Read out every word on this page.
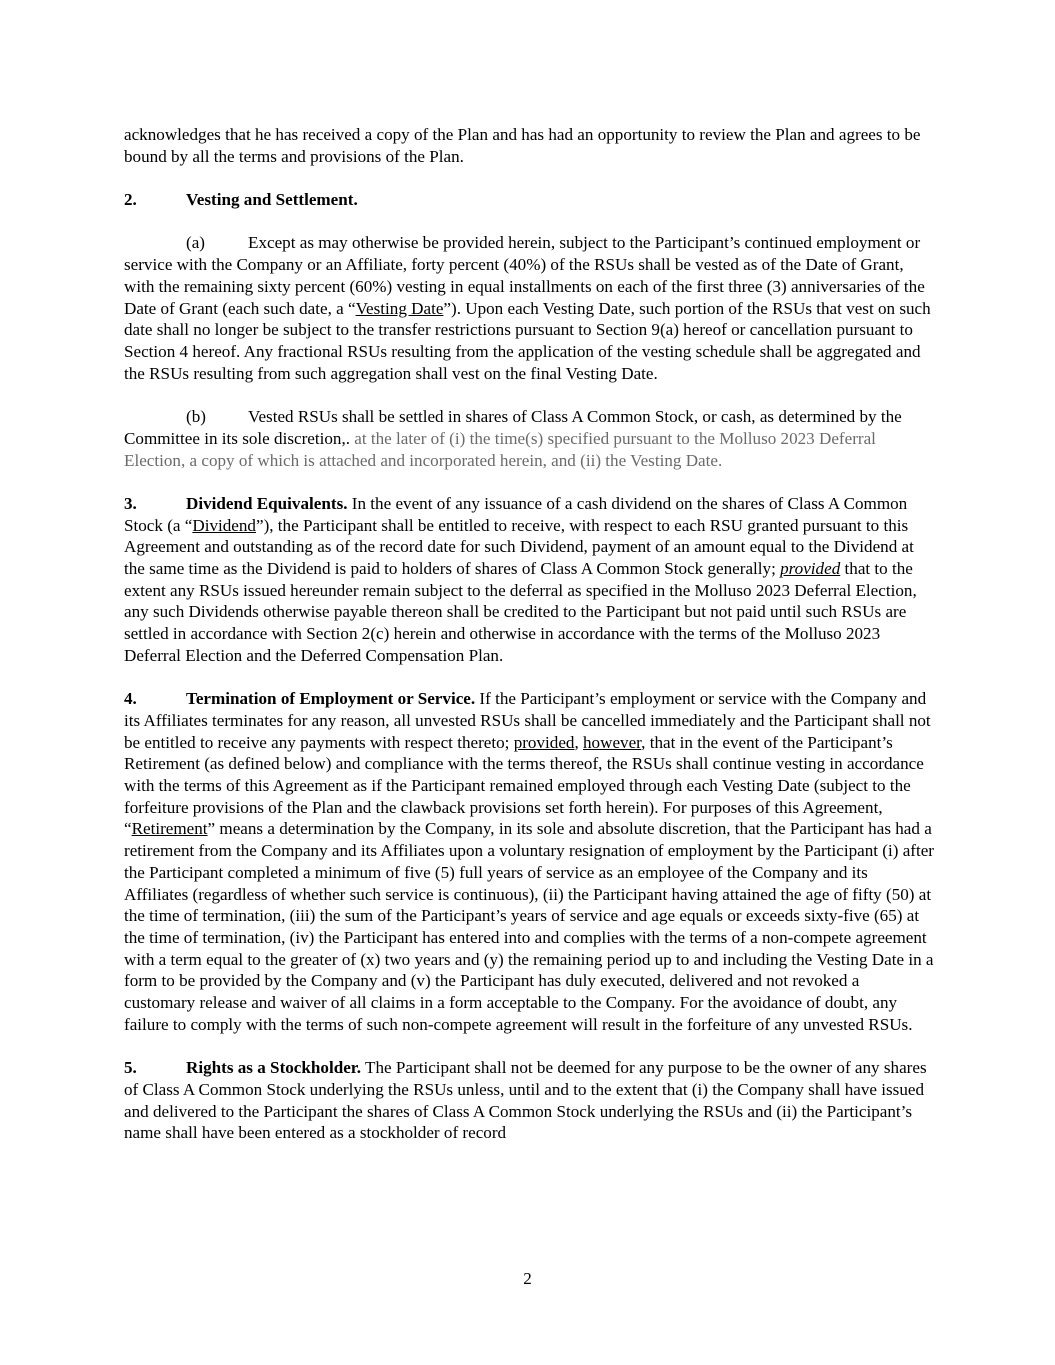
acknowledges that he has received a copy of the Plan and has had an opportunity to review the Plan and agrees to be bound by all the terms and provisions of the Plan.

2.	Vesting and Settlement.

(a)	Except as may otherwise be provided herein, subject to the Participant’s continued employment or service with the Company or an Affiliate, forty percent (40%) of the RSUs shall be vested as of the Date of Grant, with the remaining sixty percent (60%) vesting in equal installments on each of the first three (3) anniversaries of the Date of Grant (each such date, a “Vesting Date”). Upon each Vesting Date, such portion of the RSUs that vest on such date shall no longer be subject to the transfer restrictions pursuant to Section 9(a) hereof or cancellation pursuant to Section 4 hereof. Any fractional RSUs resulting from the application of the vesting schedule shall be aggregated and the RSUs resulting from such aggregation shall vest on the final Vesting Date.

(b) Vested RSUs shall be settled in shares of Class A Common Stock, or cash, as determined by the Committee in its sole discretion,. at the later of (i) the time(s) specified pursuant to the Molluso 2023 Deferral Election, a copy of which is attached and incorporated herein, and (ii) the Vesting Date.

3.	Dividend Equivalents. In the event of any issuance of a cash dividend on the shares of Class A Common Stock (a “Dividend”), the Participant shall be entitled to receive, with respect to each RSU granted pursuant to this Agreement and outstanding as of the record date for such Dividend, payment of an amount equal to the Dividend at the same time as the Dividend is paid to holders of shares of Class A Common Stock generally; provided that to the extent any RSUs issued hereunder remain subject to the deferral as specified in the Molluso 2023 Deferral Election, any such Dividends otherwise payable thereon shall be credited to the Participant but not paid until such RSUs are settled in accordance with Section 2(c) herein and otherwise in accordance with the terms of the Molluso 2023 Deferral Election and the Deferred Compensation Plan.

4.	Termination of Employment or Service. If the Participant’s employment or service with the Company and its Affiliates terminates for any reason, all unvested RSUs shall be cancelled immediately and the Participant shall not be entitled to receive any payments with respect thereto; provided, however, that in the event of the Participant’s Retirement (as defined below) and compliance with the terms thereof, the RSUs shall continue vesting in accordance with the terms of this Agreement as if the Participant remained employed through each Vesting Date (subject to the forfeiture provisions of the Plan and the clawback provisions set forth herein). For purposes of this Agreement, “Retirement” means a determination by the Company, in its sole and absolute discretion, that the Participant has had a retirement from the Company and its Affiliates upon a voluntary resignation of employment by the Participant (i) after the Participant completed a minimum of five (5) full years of service as an employee of the Company and its Affiliates (regardless of whether such service is continuous), (ii) the Participant having attained the age of fifty (50) at the time of termination, (iii) the sum of the Participant’s years of service and age equals or exceeds sixty-five (65) at the time of termination, (iv) the Participant has entered into and complies with the terms of a non-compete agreement with a term equal to the greater of (x) two years and (y) the remaining period up to and including the Vesting Date in a form to be provided by the Company and (v) the Participant has duly executed, delivered and not revoked a customary release and waiver of all claims in a form acceptable to the Company. For the avoidance of doubt, any failure to comply with the terms of such non-compete agreement will result in the forfeiture of any unvested RSUs.

5.	Rights as a Stockholder. The Participant shall not be deemed for any purpose to be the owner of any shares of Class A Common Stock underlying the RSUs unless, until and to the extent that (i) the Company shall have issued and delivered to the Participant the shares of Class A Common Stock underlying the RSUs and (ii) the Participant’s name shall have been entered as a stockholder of record

2
